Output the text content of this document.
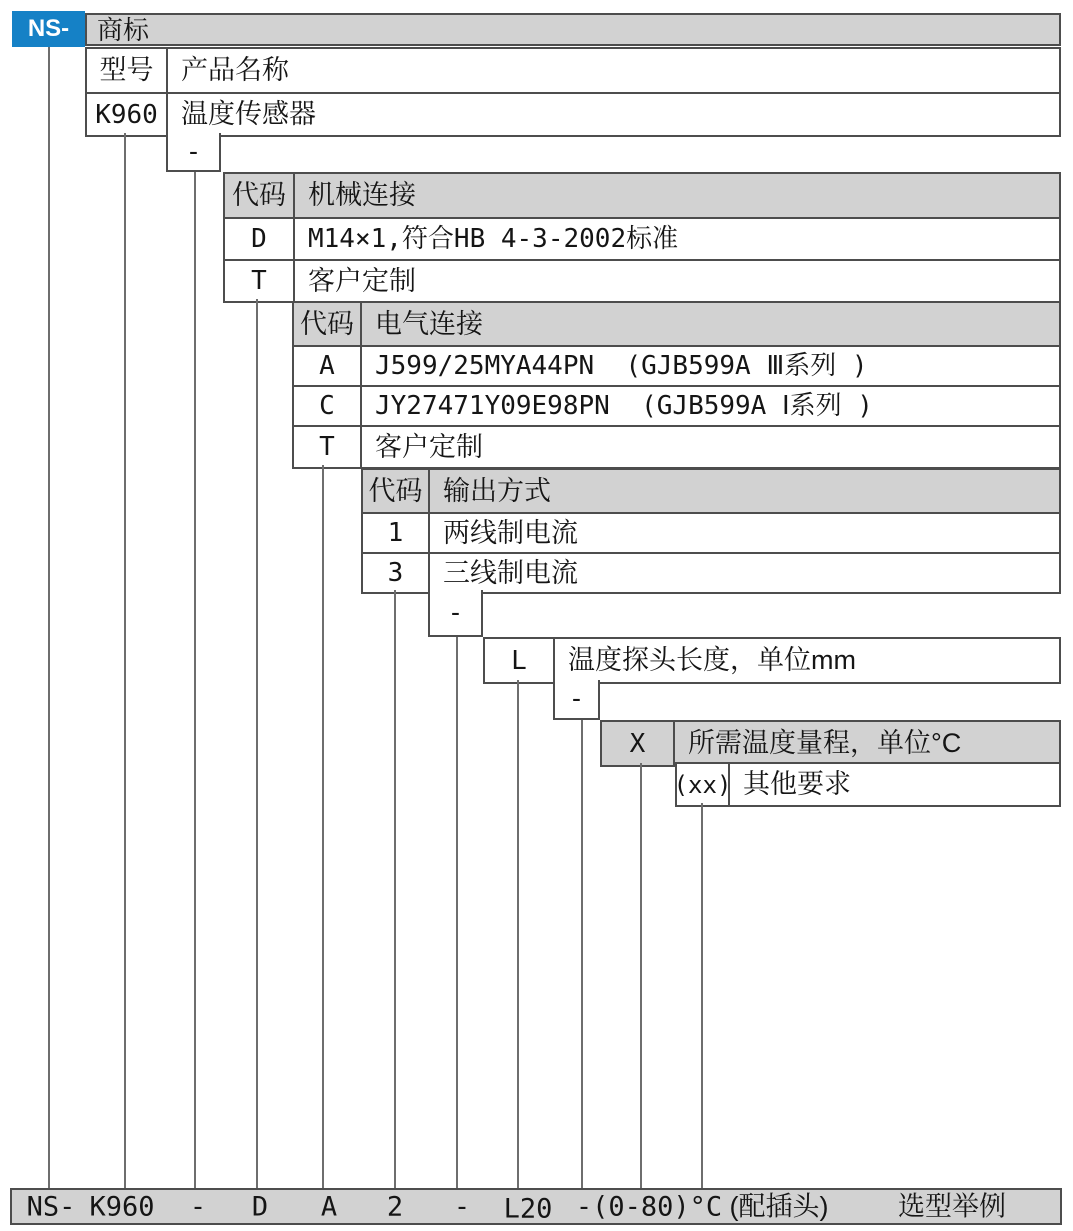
NS- 商标
型号	产品名称
K960 温度传感器
-
代码 机械连接
D	M14×1,符合HB 4-3-2002标准
T	客户定制
代码 电气连接
A	J599/25MYA44PN  (GJB599A Ⅲ系列 )
C	JY27471Y09E98PN  (GJB599A Ⅰ系列 )
T	客户定制
代码 输出方式
1	两线制电流
3	三线制电流
-
L	温度探头长度，单位mm
-
X	所需温度量程，单位°C
(xx) 其他要求
NS- K960 - D A 2 - L20 -(0-80)°C (配插头)	选型举例
